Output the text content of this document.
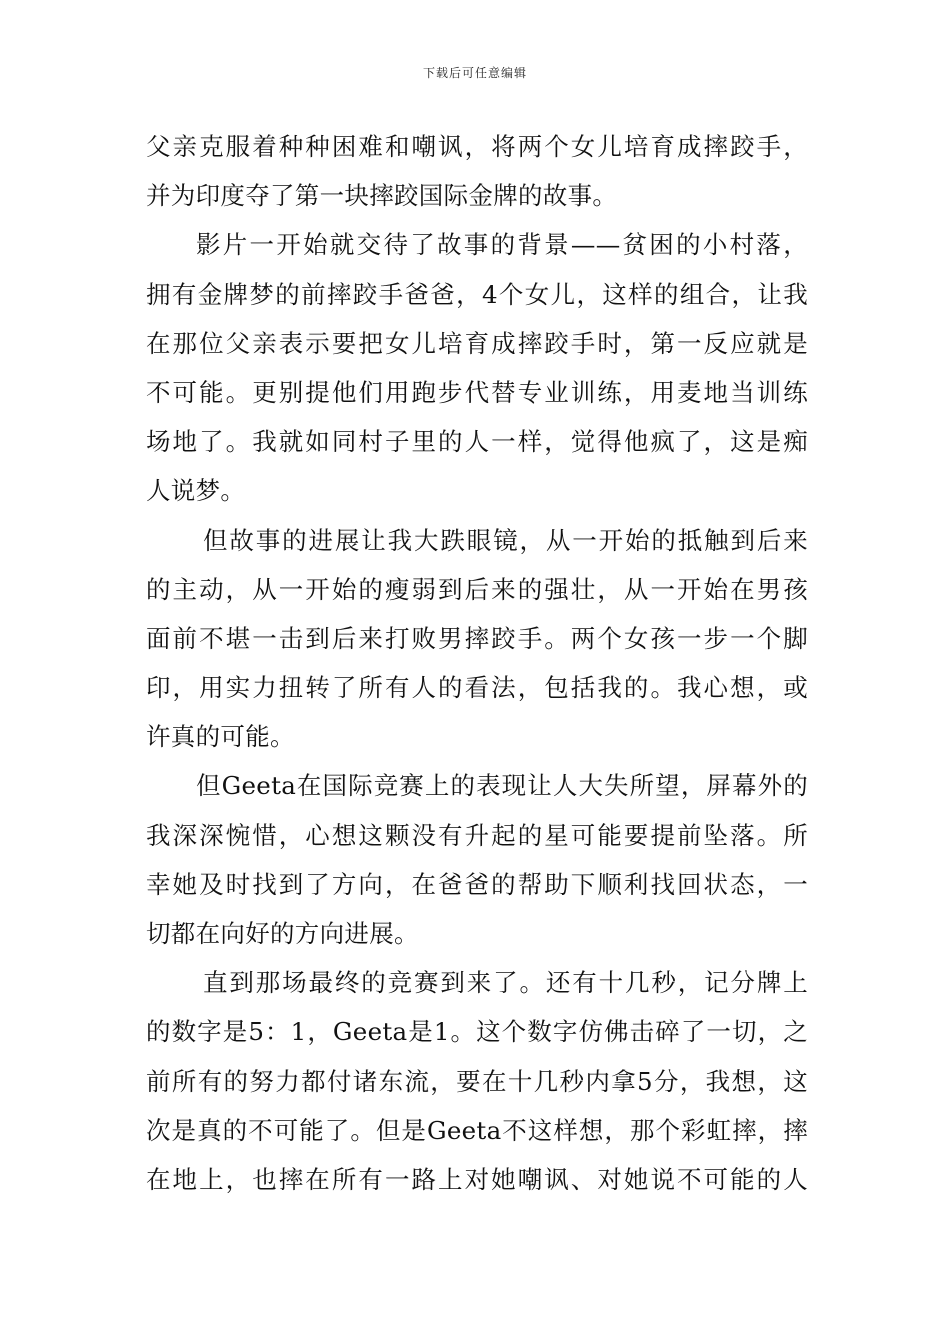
下载后可任意编辑
父亲克服着种种困难和嘲讽，将两个女儿培育成摔跤手，
并为印度夺了第一块摔跤国际金牌的故事。
影片一开始就交待了故事的背景——贫困的小村落，
拥有金牌梦的前摔跤手爸爸，4个女儿，这样的组合，让我
在那位父亲表示要把女儿培育成摔跤手时，第一反应就是
不可能。更别提他们用跑步代替专业训练，用麦地当训练
场地了。我就如同村子里的人一样，觉得他疯了，这是痴
人说梦。
但故事的进展让我大跌眼镜，从一开始的抵触到后来
的主动，从一开始的瘦弱到后来的强壮，从一开始在男孩
面前不堪一击到后来打败男摔跤手。两个女孩一步一个脚
印，用实力扭转了所有人的看法，包括我的。我心想，或
许真的可能。
但Geeta在国际竞赛上的表现让人大失所望，屏幕外的
我深深惋惜，心想这颗没有升起的星可能要提前坠落。所
幸她及时找到了方向，在爸爸的帮助下顺利找回状态，一
切都在向好的方向进展。
直到那场最终的竞赛到来了。还有十几秒，记分牌上
的数字是5：1，Geeta是1。这个数字仿佛击碎了一切，之
前所有的努力都付诸东流，要在十几秒内拿5分，我想，这
次是真的不可能了。但是Geeta不这样想，那个彩虹摔，摔
在地上，也摔在所有一路上对她嘲讽、对她说不可能的人
